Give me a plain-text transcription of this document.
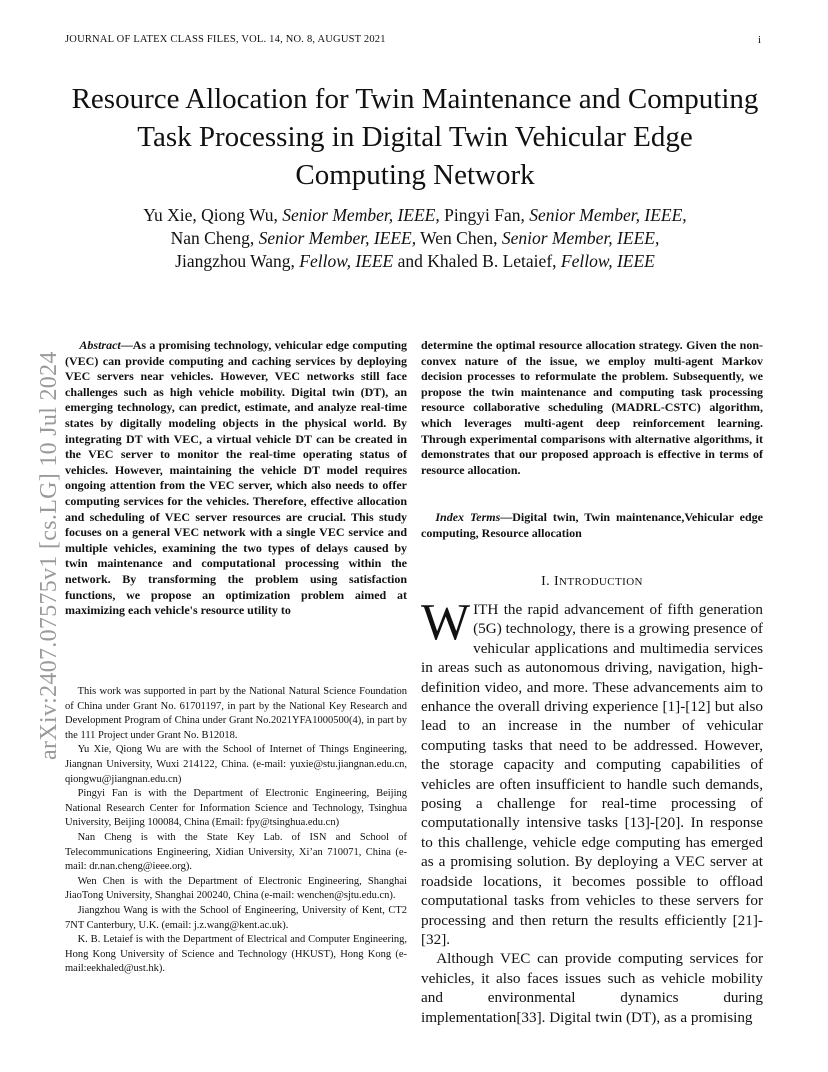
JOURNAL OF LATEX CLASS FILES, VOL. 14, NO. 8, AUGUST 2021	i
Resource Allocation for Twin Maintenance and Computing Task Processing in Digital Twin Vehicular Edge Computing Network
Yu Xie, Qiong Wu, Senior Member, IEEE, Pingyi Fan, Senior Member, IEEE,
Nan Cheng, Senior Member, IEEE, Wen Chen, Senior Member, IEEE,
Jiangzhou Wang, Fellow, IEEE and Khaled B. Letaief, Fellow, IEEE
arXiv:2407.07575v1 [cs.LG] 10 Jul 2024

Abstract—As a promising technology, vehicular edge computing (VEC) can provide computing and caching services by deploying VEC servers near vehicles. However, VEC networks still face challenges such as high vehicle mobility. Digital twin (DT), an emerging technology, can predict, estimate, and analyze real-time states by digitally modeling objects in the physical world. By integrating DT with VEC, a virtual vehicle DT can be created in the VEC server to monitor the real-time operating status of vehicles. However, maintaining the vehicle DT model requires ongoing attention from the VEC server, which also needs to offer computing services for the vehicles. Therefore, effective allocation and scheduling of VEC server resources are crucial. This study focuses on a general VEC network with a single VEC service and multiple vehicles, examining the two types of delays caused by twin maintenance and computational processing within the network. By transforming the problem using satisfaction functions, we propose an optimization problem aimed at maximizing each vehicle's resource utility to

determine the optimal resource allocation strategy. Given the non-convex nature of the issue, we employ multi-agent Markov decision processes to reformulate the problem. Subsequently, we propose the twin maintenance and computing task processing resource collaborative scheduling (MADRL-CSTC) algorithm, which leverages multi-agent deep reinforcement learning. Through experimental comparisons with alternative algorithms, it demonstrates that our proposed approach is effective in terms of resource allocation.

Index Terms—Digital twin, Twin maintenance,Vehicular edge computing, Resource allocation

I. INTRODUCTION

WITH the rapid advancement of fifth generation (5G) technology, there is a growing presence of vehicular applications and multimedia services in areas such as autonomous driving, navigation, high-definition video, and more. These advancements aim to enhance the overall driving experience [1]-[12] but also lead to an increase in the number of vehicular computing tasks that need to be addressed. However, the storage capacity and computing capabilities of vehicles are often insufficient to handle such demands, posing a challenge for real-time processing of computationally intensive tasks [13]-[20]. In response to this challenge, vehicle edge computing has emerged as a promising solution. By deploying a VEC server at roadside locations, it becomes possible to offload computational tasks from vehicles to these servers for processing and then return the results efficiently [21]-[32].

Although VEC can provide computing services for vehicles, it also faces issues such as vehicle mobility and environmental dynamics during implementation[33]. Digital twin (DT), as a promising

This work was supported in part by the National Natural Science Foundation of China under Grant No. 61701197, in part by the National Key Research and Development Program of China under Grant No.2021YFA1000500(4), in part by the 111 Project under Grant No. B12018.

Yu Xie, Qiong Wu are with the School of Internet of Things Engineering, Jiangnan University, Wuxi 214122, China. (e-mail: yuxie@stu.jiangnan.edu.cn, qiongwu@jiangnan.edu.cn)

Pingyi Fan is with the Department of Electronic Engineering, Beijing National Research Center for Information Science and Technology, Tsinghua University, Beijing 100084, China (Email: fpy@tsinghua.edu.cn)

Nan Cheng is with the State Key Lab. of ISN and School of Telecommunications Engineering, Xidian University, Xi’an 710071, China (e-mail: dr.nan.cheng@ieee.org).

Wen Chen is with the Department of Electronic Engineering, Shanghai JiaoTong University, Shanghai 200240, China (e-mail: wenchen@sjtu.edu.cn).

Jiangzhou Wang is with the School of Engineering, University of Kent, CT2 7NT Canterbury, U.K. (email: j.z.wang@kent.ac.uk).

K. B. Letaief is with the Department of Electrical and Computer Engineering, Hong Kong University of Science and Technology (HKUST), Hong Kong (e-mail:eekhaled@ust.hk).
